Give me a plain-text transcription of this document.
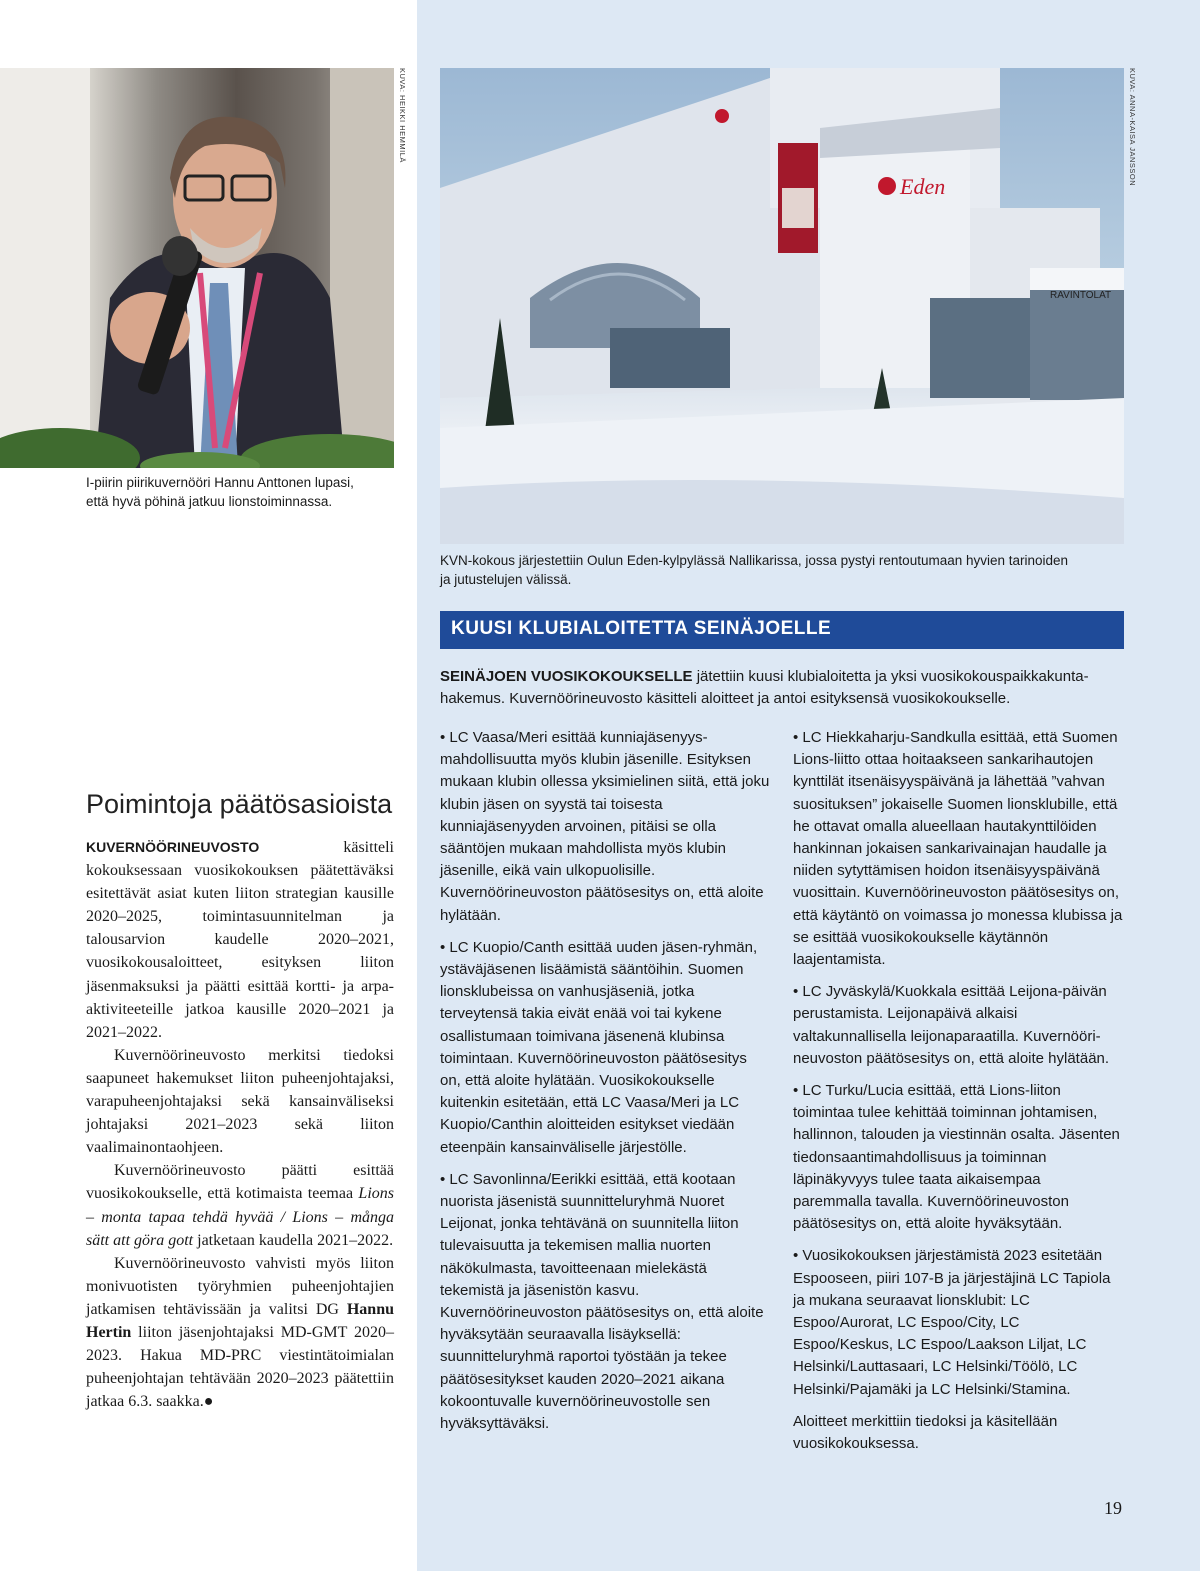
KUVA: HEIKKI HEMMILÄ
I-piirin piirikuvernööri Hannu Anttonen lupasi,
että hyvä pöhinä jatkuu lionstoiminnassa.
Eden
RAVINTOLAT
KUVA: ANNA-KAISA JANSSON
KVN-kokous järjestettiin Oulun Eden-kylpylässä Nallikarissa, jossa pystyi rentoutumaan hyvien tarinoiden
ja jutustelujen välissä.
KUUSI KLUBIALOITETTA SEINÄJOELLE
SEINÄJOEN VUOSIKOKOUKSELLE jätettiin kuusi klubialoitetta ja yksi vuosikokouspaikkakunta-hakemus. Kuvernöörineuvosto käsitteli aloitteet ja antoi esityksensä vuosikokoukselle.

• LC Vaasa/Meri esittää kunniajäsenyys-mahdollisuutta myös klubin jäsenille. Esityksen mukaan klubin ollessa yksimielinen siitä, että joku klubin jäsen on syystä tai toisesta kunniajäsenyyden arvoinen, pitäisi se olla sääntöjen mukaan mahdollista myös klubin jäsenille, eikä vain ulkopuolisille. Kuvernöörineuvoston päätösesitys on, että aloite hylätään.

• LC Kuopio/Canth esittää uuden jäsen-ryhmän, ystäväjäsenen lisäämistä sääntöihin. Suomen lionsklubeissa on vanhusjäseniä, jotka terveytensä takia eivät enää voi tai kykene osallistumaan toimivana jäsenenä klubinsa toimintaan. Kuvernöörineuvoston päätösesitys on, että aloite hylätään. Vuosikokoukselle kuitenkin esitetään, että LC Vaasa/Meri ja LC Kuopio/Canthin aloitteiden esitykset viedään eteenpäin kansainväliselle järjestölle.

• LC Savonlinna/Eerikki esittää, että kootaan nuorista jäsenistä suunnitteluryhmä Nuoret Leijonat, jonka tehtävänä on suunnitella liiton tulevaisuutta ja tekemisen mallia nuorten näkökulmasta, tavoitteenaan mielekästä tekemistä ja jäsenistön kasvu. Kuvernöörineuvoston päätösesitys on, että aloite hyväksytään seuraavalla lisäyksellä: suunnitteluryhmä raportoi työstään ja tekee päätösesitykset kauden 2020–2021 aikana kokoontuvalle kuvernöörineuvostolle sen hyväksyttäväksi.

• LC Hiekkaharju-Sandkulla esittää, että Suomen Lions-liitto ottaa hoitaakseen sankarihautojen kynttilät itsenäisyyspäivänä ja lähettää ”vahvan suosituksen” jokaiselle Suomen lionsklubille, että he ottavat omalla alueellaan hautakynttilöiden hankinnan jokaisen sankarivainajan haudalle ja niiden sytyttämisen hoidon itsenäisyyspäivänä vuosittain. Kuvernöörineuvoston päätösesitys on, että käytäntö on voimassa jo monessa klubissa ja se esittää vuosikokoukselle käytännön laajentamista.

• LC Jyväskylä/Kuokkala esittää Leijona-päivän perustamista. Leijonapäivä alkaisi valtakunnallisella leijonaparaatilla. Kuvernööri-neuvoston päätösesitys on, että aloite hylätään.

• LC Turku/Lucia esittää, että Lions-liiton toimintaa tulee kehittää toiminnan johtamisen, hallinnon, talouden ja viestinnän osalta. Jäsenten tiedonsaantimahdollisuus ja toiminnan läpinäkyvyys tulee taata aikaisempaa paremmalla tavalla. Kuvernöörineuvoston päätösesitys on, että aloite hyväksytään.

• Vuosikokouksen järjestämistä 2023 esitetään Espooseen, piiri 107-B ja järjestäjinä LC Tapiola ja mukana seuraavat lionsklubit: LC Espoo/Aurorat, LC Espoo/City, LC Espoo/Keskus, LC Espoo/Laakson Liljat, LC Helsinki/Lauttasaari, LC Helsinki/Töölö, LC Helsinki/Pajamäki ja LC Helsinki/Stamina.

Aloitteet merkittiin tiedoksi ja käsitellään vuosikokouksessa.

Poimintoja päätösasioista

KUVERNÖÖRINEUVOSTO käsitteli kokouksessaan vuosikokouksen päätettäväksi esitettävät asiat kuten liiton strategian kausille 2020–2025, toimintasuunnitelman ja talousarvion kaudelle 2020–2021, vuosikokousaloitteet, esityksen liiton jäsenmaksuksi ja päätti esittää kortti- ja arpa-aktiviteeteille jatkoa kausille 2020–2021 ja 2021–2022.

Kuvernöörineuvosto merkitsi tiedoksi saapuneet hakemukset liiton puheenjohtajaksi, varapuheenjohtajaksi sekä kansainväliseksi johtajaksi 2021–2023 sekä liiton vaalimainontaohjeen.

Kuvernöörineuvosto päätti esittää vuosikokoukselle, että kotimaista teemaa Lions – monta tapaa tehdä hyvää / Lions – många sätt att göra gott jatketaan kaudella 2021–2022.

Kuvernöörineuvosto vahvisti myös liiton monivuotisten työryhmien puheenjohtajien jatkamisen tehtävissään ja valitsi DG Hannu Hertin liiton jäsenjohtajaksi MD-GMT 2020–2023. Hakua MD-PRC viestintätoimialan puheenjohtajan tehtävään 2020–2023 päätettiin jatkaa 6.3. saakka.●

19
